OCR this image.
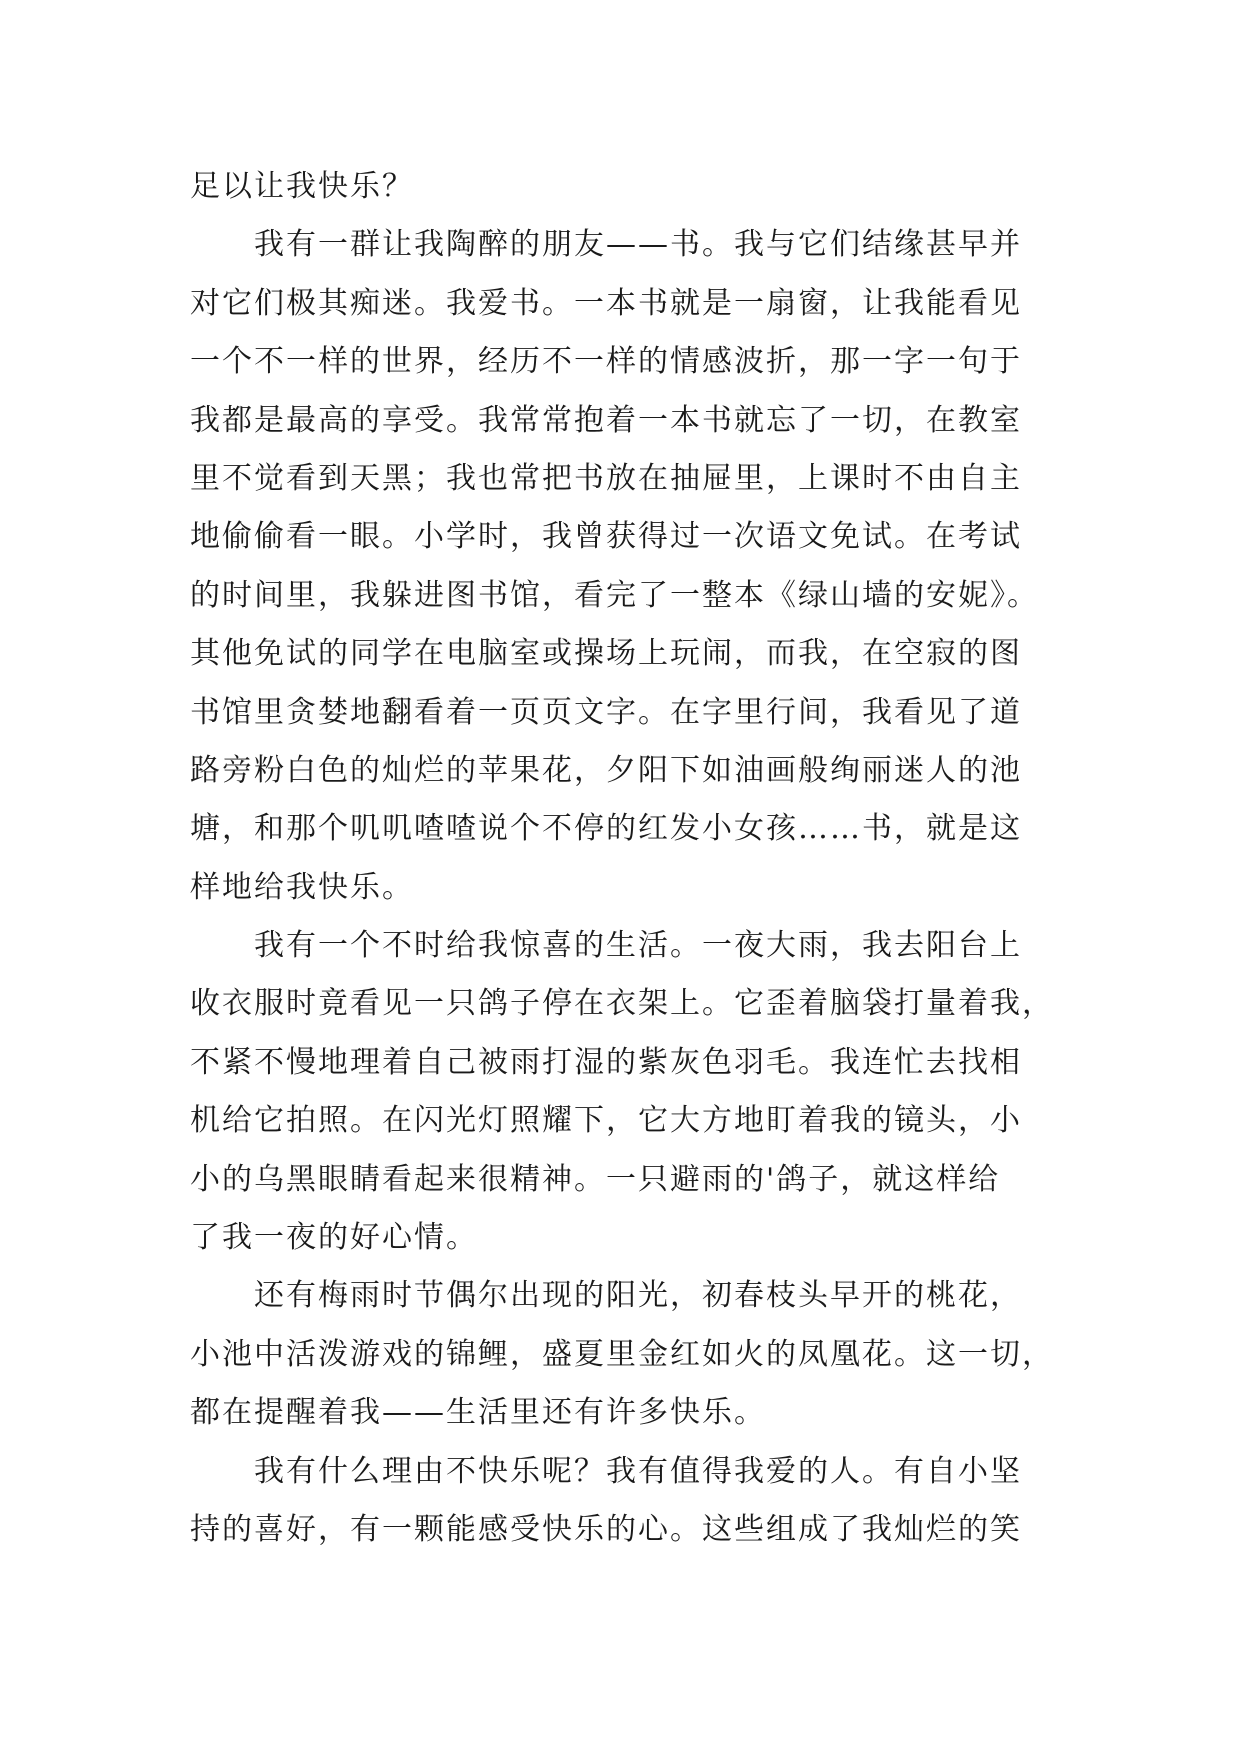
足以让我快乐？
　　我有一群让我陶醉的朋友——书。我与它们结缘甚早并
对它们极其痴迷。我爱书。一本书就是一扇窗，让我能看见
一个不一样的世界，经历不一样的情感波折，那一字一句于
我都是最高的享受。我常常抱着一本书就忘了一切，在教室
里不觉看到天黑；我也常把书放在抽屉里，上课时不由自主
地偷偷看一眼。小学时，我曾获得过一次语文免试。在考试
的时间里，我躲进图书馆，看完了一整本《绿山墙的安妮》。
其他免试的同学在电脑室或操场上玩闹，而我，在空寂的图
书馆里贪婪地翻看着一页页文字。在字里行间，我看见了道
路旁粉白色的灿烂的苹果花，夕阳下如油画般绚丽迷人的池
塘，和那个叽叽喳喳说个不停的红发小女孩……书，就是这
样地给我快乐。
　　我有一个不时给我惊喜的生活。一夜大雨，我去阳台上
收衣服时竟看见一只鸽子停在衣架上。它歪着脑袋打量着我，
不紧不慢地理着自己被雨打湿的紫灰色羽毛。我连忙去找相
机给它拍照。在闪光灯照耀下，它大方地盯着我的镜头，小
小的乌黑眼睛看起来很精神。一只避雨的'鸽子，就这样给
了我一夜的好心情。
　　还有梅雨时节偶尔出现的阳光，初春枝头早开的桃花，
小池中活泼游戏的锦鲤，盛夏里金红如火的凤凰花。这一切，
都在提醒着我——生活里还有许多快乐。
　　我有什么理由不快乐呢？我有值得我爱的人。有自小坚
持的喜好，有一颗能感受快乐的心。这些组成了我灿烂的笑
